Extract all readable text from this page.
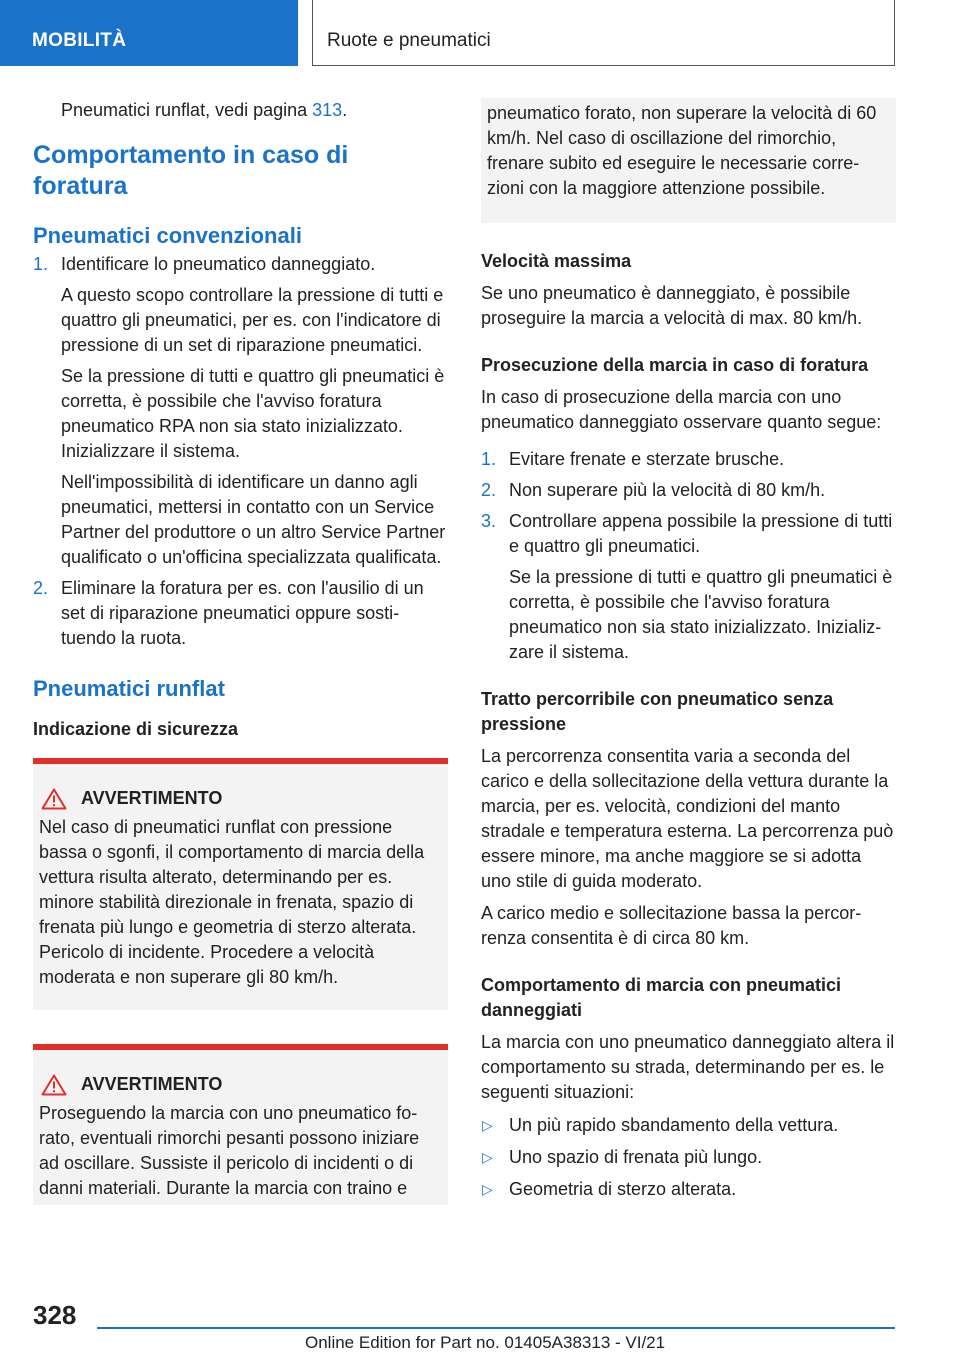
MOBILITÀ	Ruote e pneumatici
Pneumatici runflat, vedi pagina 313.
Comportamento in caso di foratura
Pneumatici convenzionali
1. Identificare lo pneumatico danneggiato.
A questo scopo controllare la pressione di tutti e quattro gli pneumatici, per es. con l'indicatore di pressione di un set di riparazione pneumatici.
Se la pressione di tutti e quattro gli pneumatici è corretta, è possibile che l'avviso foratura pneumatico RPA non sia stato inizializzato. Inizializzare il sistema.
Nell'impossibilità di identificare un danno agli pneumatici, mettersi in contatto con un Service Partner del produttore o un altro Service Partner qualificato o un'officina specializzata qualificata.
2. Eliminare la foratura per es. con l'ausilio di un set di riparazione pneumatici oppure sostituendo la ruota.
Pneumatici runflat
Indicazione di sicurezza
AVVERTIMENTO
Nel caso di pneumatici runflat con pressione bassa o sgonfi, il comportamento di marcia della vettura risulta alterato, determinando per es. minore stabilità direzionale in frenata, spazio di frenata più lungo e geometria di sterzo alterata. Pericolo di incidente. Procedere a velocità moderata e non superare gli 80 km/h.
AVVERTIMENTO
Proseguendo la marcia con uno pneumatico forato, eventuali rimorchi pesanti possono iniziare ad oscillare. Sussiste il pericolo di incidenti o di danni materiali. Durante la marcia con traino e
pneumatico forato, non superare la velocità di 60 km/h. Nel caso di oscillazione del rimorchio, frenare subito ed eseguire le necessarie correzioni con la maggiore attenzione possibile.
Velocità massima
Se uno pneumatico è danneggiato, è possibile proseguire la marcia a velocità di max. 80 km/h.
Prosecuzione della marcia in caso di foratura
In caso di prosecuzione della marcia con uno pneumatico danneggiato osservare quanto segue:
1. Evitare frenate e sterzate brusche.
2. Non superare più la velocità di 80 km/h.
3. Controllare appena possibile la pressione di tutti e quattro gli pneumatici.
Se la pressione di tutti e quattro gli pneumatici è corretta, è possibile che l'avviso foratura pneumatico non sia stato inizializzato. Inizializzare il sistema.
Tratto percorribile con pneumatico senza pressione
La percorrenza consentita varia a seconda del carico e della sollecitazione della vettura durante la marcia, per es. velocità, condizioni del manto stradale e temperatura esterna. La percorrenza può essere minore, ma anche maggiore se si adotta uno stile di guida moderato.
A carico medio e sollecitazione bassa la percorrenza consentita è di circa 80 km.
Comportamento di marcia con pneumatici danneggiati
La marcia con uno pneumatico danneggiato altera il comportamento su strada, determinando per es. le seguenti situazioni:
▷ Un più rapido sbandamento della vettura.
▷ Uno spazio di frenata più lungo.
▷ Geometria di sterzo alterata.
328
Online Edition for Part no. 01405A38313 - VI/21
